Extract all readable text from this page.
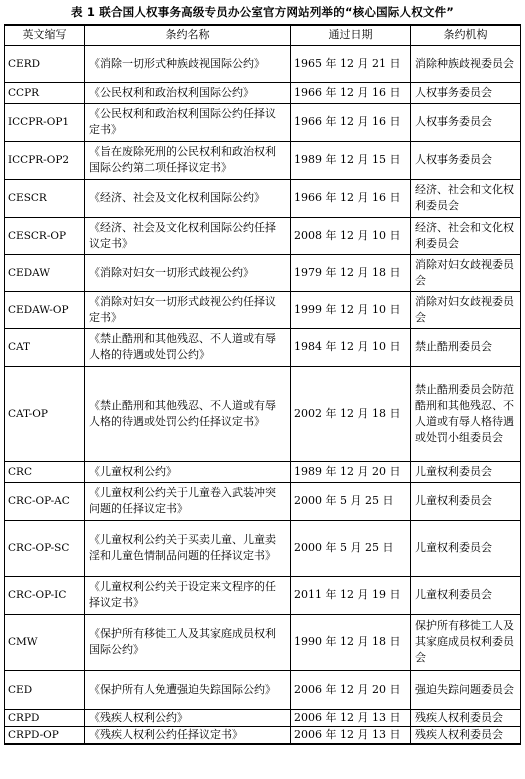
表 1 联合国人权事务高级专员办公室官方网站列举的“核心国际人权文件”
英文缩写	条约名称	通过日期	条约机构
CERD	《消除一切形式种族歧视国际公约》	1965 年 12 月 21 日	消除种族歧视委员会
CCPR	《公民权利和政治权利国际公约》	1966 年 12 月 16 日	人权事务委员会
ICCPR-OP1	《公民权利和政治权利国际公约任择议定书》	1966 年 12 月 16 日	人权事务委员会
ICCPR-OP2	《旨在废除死刑的公民权利和政治权利国际公约第二项任择议定书》	1989 年 12 月 15 日	人权事务委员会
CESCR	《经济、社会及文化权利国际公约》	1966 年 12 月 16 日	经济、社会和文化权利委员会
CESCR-OP	《经济、社会及文化权利国际公约任择议定书》	2008 年 12 月 10 日	经济、社会和文化权利委员会
CEDAW	《消除对妇女一切形式歧视公约》	1979 年 12 月 18 日	消除对妇女歧视委员会
CEDAW-OP	《消除对妇女一切形式歧视公约任择议定书》	1999 年 12 月 10 日	消除对妇女歧视委员会
CAT	《禁止酷刑和其他残忍、不人道或有辱人格的待遇或处罚公约》	1984 年 12 月 10 日	禁止酷刑委员会
CAT-OP	《禁止酷刑和其他残忍、不人道或有辱人格的待遇或处罚公约任择议定书》	2002 年 12 月 18 日	禁止酷刑委员会防范酷刑和其他残忍、不人道或有辱人格待遇或处罚小组委员会
CRC	《儿童权利公约》	1989 年 12 月 20 日	儿童权利委员会
CRC-OP-AC	《儿童权利公约关于儿童卷入武装冲突问题的任择议定书》	2000 年 5 月 25 日	儿童权利委员会
CRC-OP-SC	《儿童权利公约关于买卖儿童、儿童卖淫和儿童色情制品问题的任择议定书》	2000 年 5 月 25 日	儿童权利委员会
CRC-OP-IC	《儿童权利公约关于设定来文程序的任择议定书》	2011 年 12 月 19 日	儿童权利委员会
CMW	《保护所有移徙工人及其家庭成员权利国际公约》	1990 年 12 月 18 日	保护所有移徙工人及其家庭成员权利委员会
CED	《保护所有人免遭强迫失踪国际公约》	2006 年 12 月 20 日	强迫失踪问题委员会
CRPD	《残疾人权利公约》	2006 年 12 月 13 日	残疾人权利委员会
CRPD-OP	《残疾人权利公约任择议定书》	2006 年 12 月 13 日	残疾人权利委员会
